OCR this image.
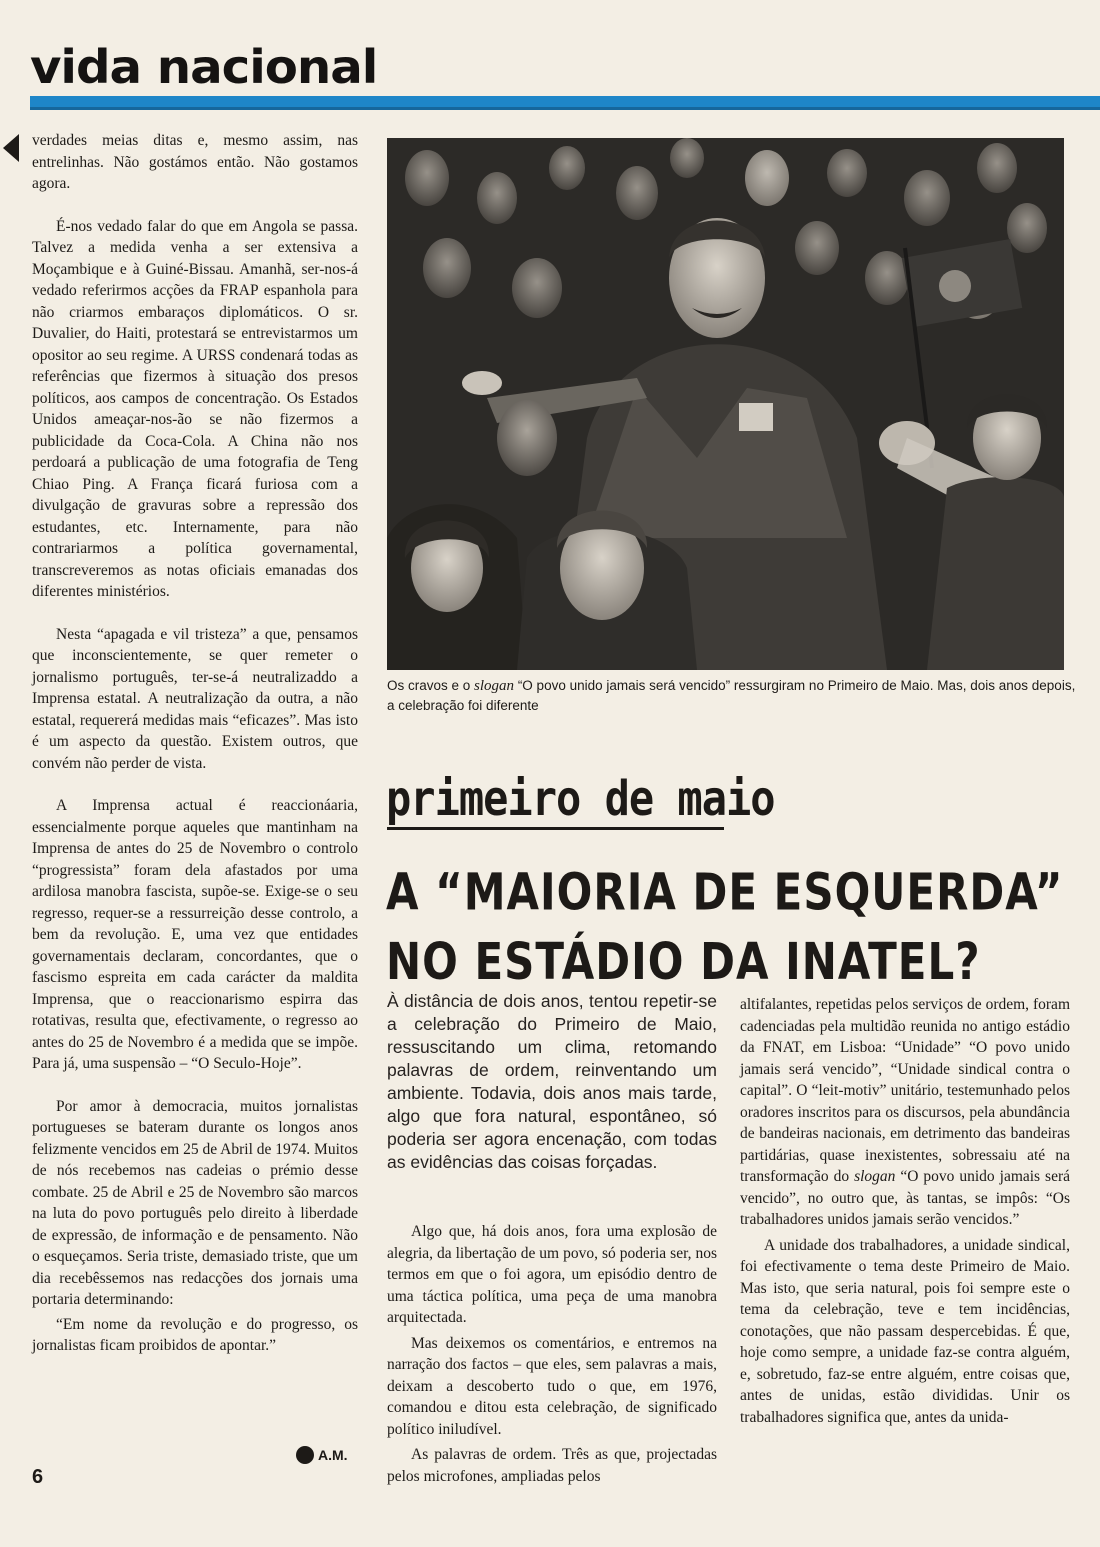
vida nacional

verdades meias ditas e, mesmo assim, nas entrelinhas. Não gostámos então. Não gostamos agora.

É-nos vedado falar do que em Angola se passa. Talvez a medida venha a ser extensiva a Moçambique e à Guiné-Bissau. Amanhã, ser-nos-á vedado referirmos acções da FRAP espanhola para não criarmos embaraços diplomáticos. O sr. Duvalier, do Haiti, protestará se entrevistarmos um opositor ao seu regime. A URSS condenará todas as referências que fizermos à situação dos presos políticos, aos campos de concentração. Os Estados Unidos ameaçar-nos-ão se não fizermos a publicidade da Coca-Cola. A China não nos perdoará a publicação de uma fotografia de Teng Chiao Ping. A França ficará furiosa com a divulgação de gravuras sobre a repressão dos estudantes, etc. Internamente, para não contrariarmos a política governamental, transcreveremos as notas oficiais emanadas dos diferentes ministérios.

Nesta “apagada e vil tristeza” a que, pensamos que inconscientemente, se quer remeter o jornalismo português, ter-se-á neutralizaddo a Imprensa estatal. A neutralização da outra, a não estatal, requererá medidas mais “eficazes”. Mas isto é um aspecto da questão. Existem outros, que convém não perder de vista.

A Imprensa actual é reaccionáaria, essencialmente porque aqueles que mantinham na Imprensa de antes do 25 de Novembro o controlo “progressista” foram dela afastados por uma ardilosa manobra fascista, supõe-se. Exige-se o seu regresso, requer-se a ressurreição desse controlo, a bem da revolução. E, uma vez que entidades governamentais declaram, concordantes, que o fascismo espreita em cada carácter da maldita Imprensa, que o reaccionarismo espirra das rotativas, resulta que, efectivamente, o regresso ao antes do 25 de Novembro é a medida que se impõe. Para já, uma suspensão – “O Seculo-Hoje”.

Por amor à democracia, muitos jornalistas portugueses se bateram durante os longos anos felizmente vencidos em 25 de Abril de 1974. Muitos de nós recebemos nas cadeias o prémio desse combate. 25 de Abril e 25 de Novembro são marcos na luta do povo português pelo direito à liberdade de expressão, de informação e de pensamento. Não o esqueçamos. Seria triste, demasiado triste, que um dia recebêssemos nas redacções dos jornais uma portaria determinando:

“Em nome da revolução e do progresso, os jornalistas ficam proibidos de apontar.”

A.M.
6
Os cravos e o slogan “O povo unido jamais será vencido” ressurgiram no Primeiro de Maio. Mas, dois anos depois, a celebração foi diferente
primeiro de maio
A “MAIORIA DE ESQUERDA”
NO ESTÁDIO DA INATEL?
À distância de dois anos, tentou repetir-se a celebração do Primeiro de Maio, ressuscitando um clima, retomando palavras de ordem, reinventando um ambiente. Todavia, dois anos mais tarde, algo que fora natural, espontâneo, só poderia ser agora encenação, com todas as evidências das coisas forçadas.

Algo que, há dois anos, fora uma explosão de alegria, da libertação de um povo, só poderia ser, nos termos em que o foi agora, um episódio dentro de uma táctica política, uma peça de uma manobra arquitectada.

Mas deixemos os comentários, e entremos na narração dos factos – que eles, sem palavras a mais, deixam a descoberto tudo o que, em 1976, comandou e ditou esta celebração, de significado político iniludível.

As palavras de ordem. Três as que, projectadas pelos microfones, ampliadas pelos

altifalantes, repetidas pelos serviços de ordem, foram cadenciadas pela multidão reunida no antigo estádio da FNAT, em Lisboa: “Unidade” “O povo unido jamais será vencido”, “Unidade sindical contra o capital”. O “leit-motiv” unitário, testemunhado pelos oradores inscritos para os discursos, pela abundância de bandeiras nacionais, em detrimento das bandeiras partidárias, quase inexistentes, sobressaiu até na transformação do slogan “O povo unido jamais será vencido”, no outro que, às tantas, se impôs: “Os trabalhadores unidos jamais serão vencidos.”

A unidade dos trabalhadores, a unidade sindical, foi efectivamente o tema deste Primeiro de Maio. Mas isto, que seria natural, pois foi sempre este o tema da celebração, teve e tem incidências, conotações, que não passam despercebidas. É que, hoje como sempre, a unidade faz-se contra alguém, e, sobretudo, faz-se entre alguém, entre coisas que, antes de unidas, estão divididas. Unir os trabalhadores significa que, antes da unida-
